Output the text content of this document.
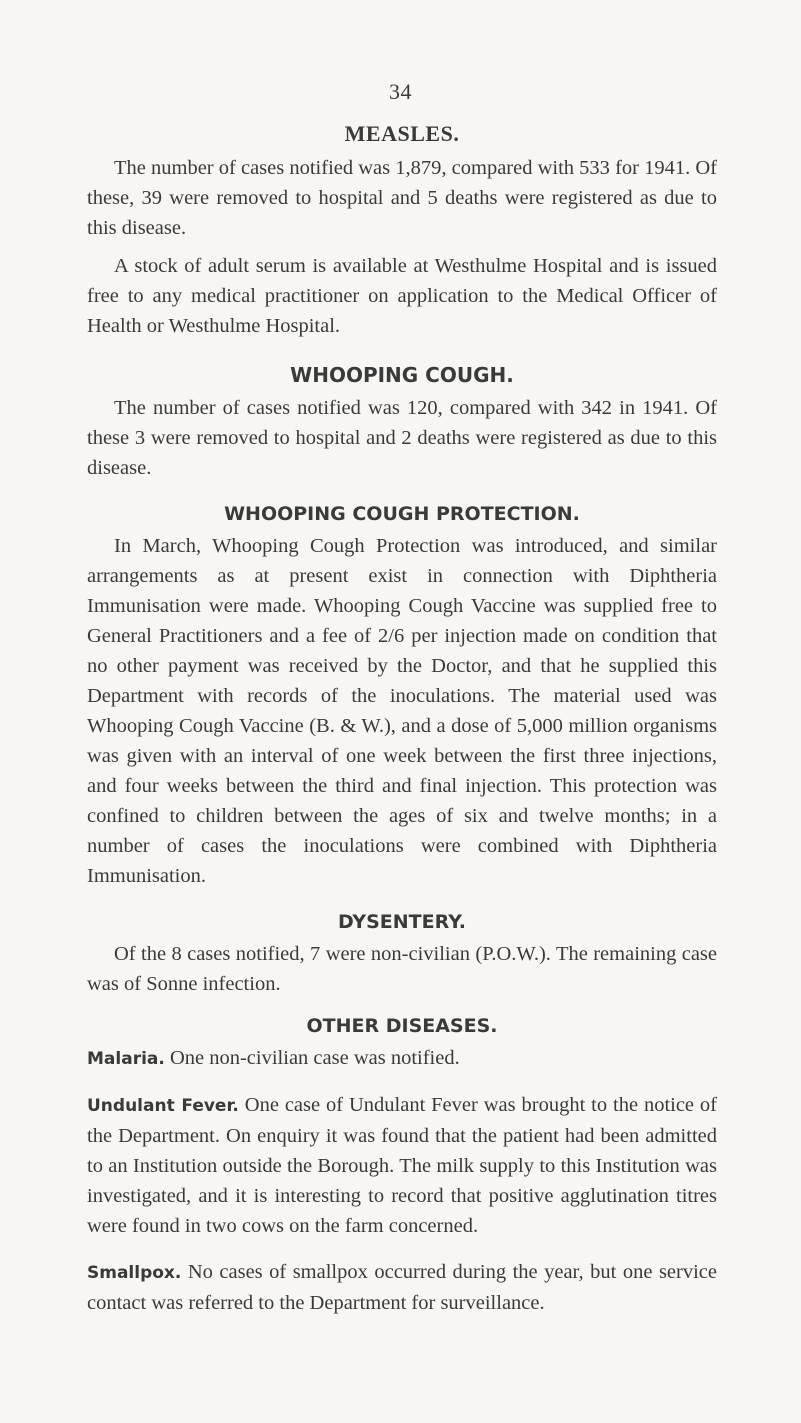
34
MEASLES.

The number of cases notified was 1,879, compared with 533 for 1941. Of these, 39 were removed to hospital and 5 deaths were registered as due to this disease.

A stock of adult serum is available at Westhulme Hospital and is issued free to any medical practitioner on application to the Medical Officer of Health or Westhulme Hospital.

WHOOPING COUGH.

The number of cases notified was 120, compared with 342 in 1941. Of these 3 were removed to hospital and 2 deaths were registered as due to this disease.

WHOOPING COUGH PROTECTION.

In March, Whooping Cough Protection was introduced, and similar arrangements as at present exist in connection with Diphtheria Immunisation were made. Whooping Cough Vaccine was supplied free to General Practitioners and a fee of 2/6 per injection made on condition that no other payment was received by the Doctor, and that he supplied this Department with records of the inoculations. The material used was Whooping Cough Vaccine (B. & W.), and a dose of 5,000 million organisms was given with an interval of one week between the first three injections, and four weeks between the third and final injection. This protection was confined to children between the ages of six and twelve months; in a number of cases the inoculations were combined with Diphtheria Immunisation.

DYSENTERY.

Of the 8 cases notified, 7 were non-civilian (P.O.W.). The remaining case was of Sonne infection.

OTHER DISEASES.

Malaria. One non-civilian case was notified.

Undulant Fever. One case of Undulant Fever was brought to the notice of the Department. On enquiry it was found that the patient had been admitted to an Institution outside the Borough. The milk supply to this Institution was investigated, and it is interesting to record that positive agglutination titres were found in two cows on the farm concerned.

Smallpox. No cases of smallpox occurred during the year, but one service contact was referred to the Department for surveillance.
